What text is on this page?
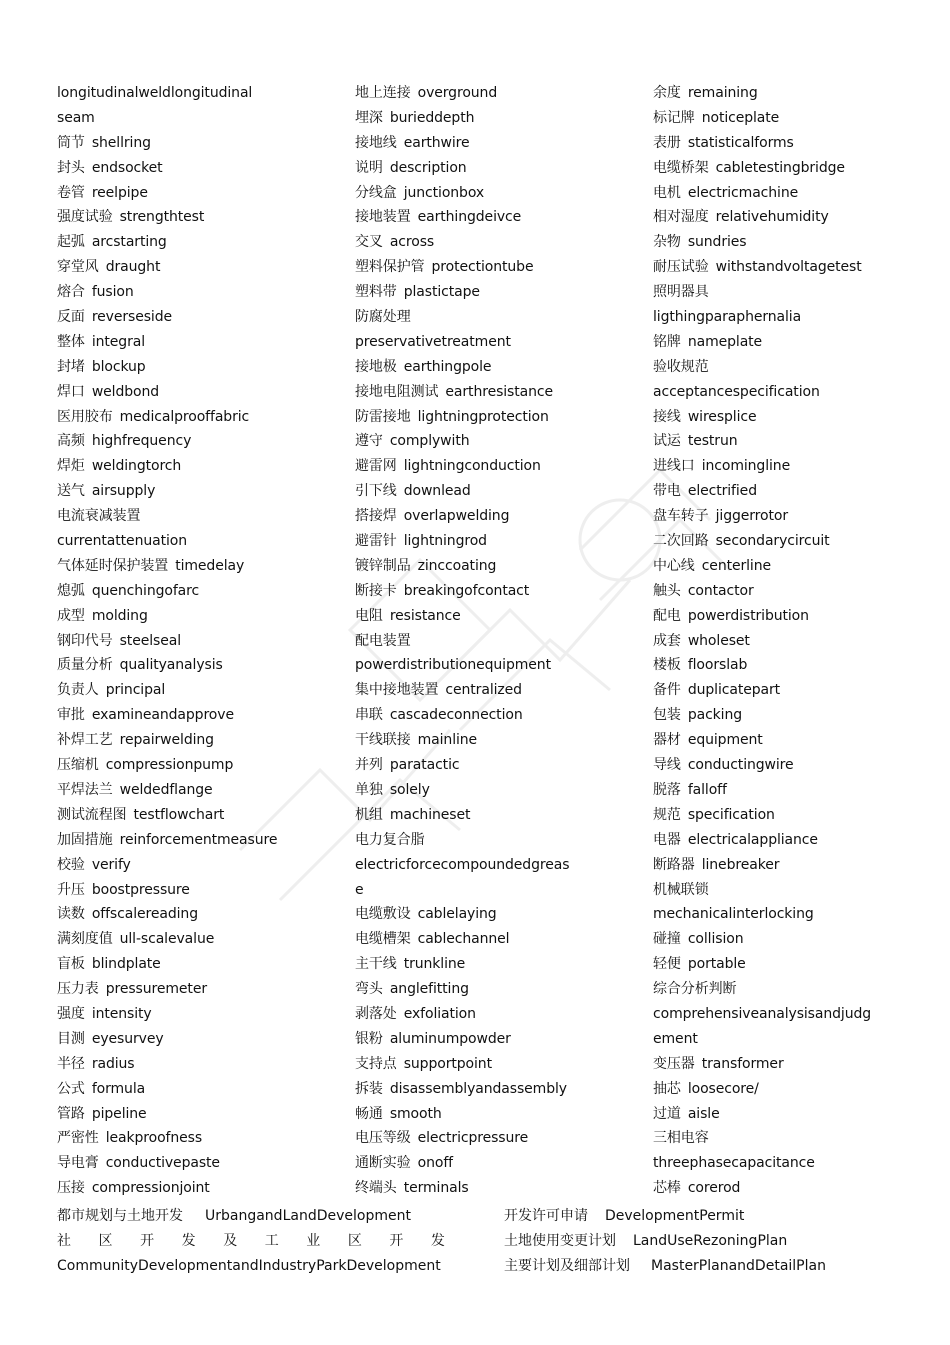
longitudinalweldlongitudinal
seam
筒节 shellring
封头 endsocket
卷管 reelpipe
强度试验 strengthtest
起弧 arcstarting
穿堂风 draught
熔合 fusion
反面 reverseside
整体 integral
封堵 blockup
焊口 weldbond
医用胶布 medicalprooffabric
高频 highfrequency
焊炬 weldingtorch
送气 airsupply
电流衰减装置
currentattenuation
气体延时保护装置 timedelay
熄弧 quenchingofarc
成型 molding
钢印代号 steelseal
质量分析 qualityanalysis
负责人 principal
审批 examineandapprove
补焊工艺 repairwelding
压缩机 compressionpump
平焊法兰 weldedflange
测试流程图 testflowchart
加固措施 reinforcementmeasure
校验 verify
升压 boostpressure
读数 offscalereading
满刻度值 ull-scalevalue
盲板 blindplate
压力表 pressuremeter
强度 intensity
目测 eyesurvey
半径 radius
公式 formula
管路 pipeline
严密性 leakproofness
导电膏 conductivepaste
压接 compressionjoint
地上连接 overground
埋深 burieddepth
接地线 earthwire
说明 description
分线盒 junctionbox
接地装置 earthingdeivce
交叉 across
塑料保护管 protectiontube
塑料带 plastictape
防腐处理
preservativetreatment
接地极 earthingpole
接地电阻测试 earthresistance
防雷接地 lightningprotection
遵守 complywith
避雷网 lightningconduction
引下线 downlead
搭接焊 overlapwelding
避雷针 lightningrod
镀锌制品 zinccoating
断接卡 breakingofcontact
电阻 resistance
配电装置
powerdistributionequipment
集中接地装置 centralized
串联 cascadeconnection
干线联接 mainline
并列 paratactic
单独 solely
机组 machineset
电力复合脂
electricforcecompoundedgreas
e
电缆敷设 cablelaying
电缆槽架 cablechannel
主干线 trunkline
弯头 anglefitting
剥落处 exfoliation
银粉 aluminumpowder
支持点 supportpoint
拆装 disassemblyandassembly
畅通 smooth
电压等级 electricpressure
通断实验 onoff
终端头 terminals
余度 remaining
标记牌 noticeplate
表册 statisticalforms
电缆桥架 cabletestingbridge
电机 electricmachine
相对湿度 relativehumidity
杂物 sundries
耐压试验 withstandvoltagetest
照明器具
ligthingparaphernalia
铭牌 nameplate
验收规范
acceptancespecification
接线 wiresplice
试运 testrun
进线口 incomingline
带电 electrified
盘车转子 jiggerrotor
二次回路 secondarycircuit
中心线 centerline
触头 contactor
配电 powerdistribution
成套 wholeset
楼板 floorslab
备件 duplicatepart
包装 packing
器材 equipment
导线 conductingwire
脱落 falloff
规范 specification
电器 electricalappliance
断路器 linebreaker
机械联锁
mechanicalinterlocking
碰撞 collision
轻便 portable
综合分析判断
comprehensiveanalysisandjudg
ement
变压器 transformer
抽芯 loosecore/
过道 aisle
三相电容
threephasecapacitance
芯棒 corerod
都市规划与土地开发 UrbangandLandDevelopment	开发许可申请 DevelopmentPermit
社 区 开 发 及 工 业 区 开 发	土地使用变更计划 LandUseRezoningPlan
CommunityDevelopmentandIndustryParkDevelopment	主要计划及细部计划 MasterPlanandDetailPlan
